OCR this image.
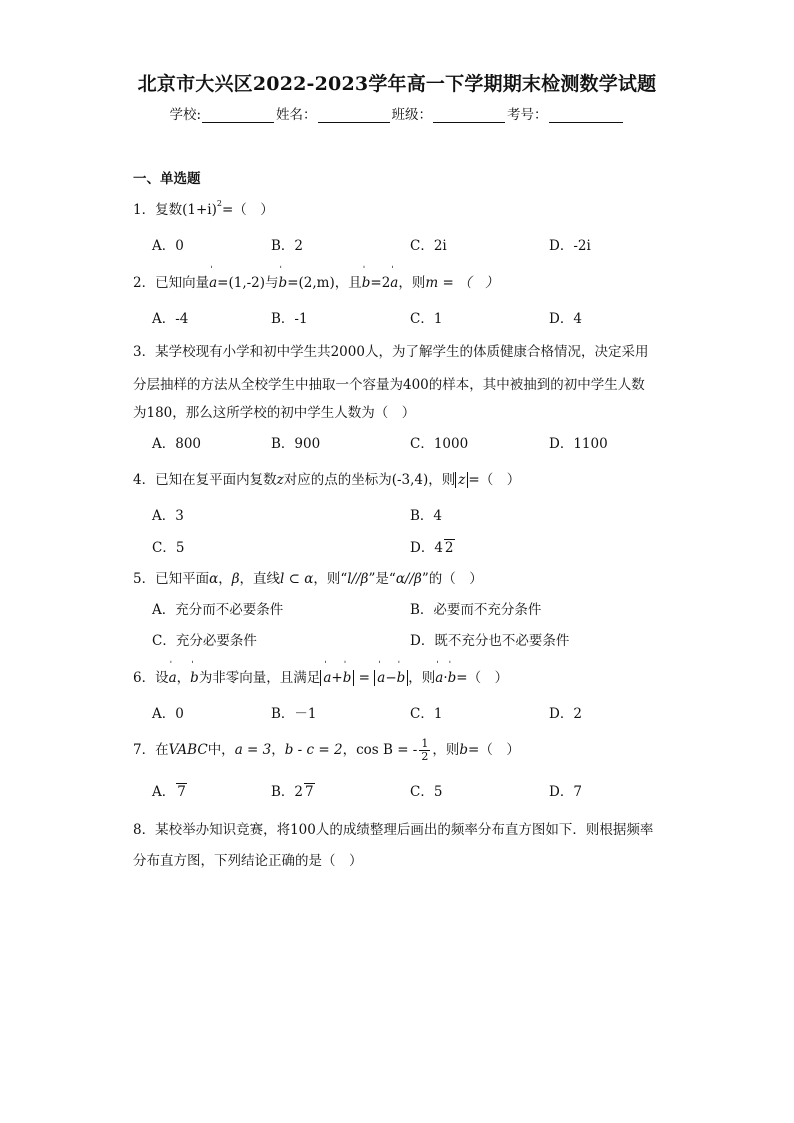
北京市大兴区2022-2023学年高一下学期期末检测数学试题
学校:	姓名：	班级：	考号：
一、单选题
1．复数$(1+i)^2=$（　）
A．0	B．2	C．2i	D．-2i
2．已知向量ˈ a=(1,-2)与ˈ b=(2,m)，且ˈ b=2ˈ a，则m = （　）
A．-4	B．-1	C．1	D．4
3．某学校现有小学和初中学生共2000人，为了解学生的体质健康合格情况，决定采用
分层抽样的方法从全校学生中抽取一个容量为400的样本，其中被抽到的初中学生人数
为180，那么这所学校的初中学生人数为（　）
A．800	B．900	C．1000	D．1100
4．已知在复平面内复数z对应的点的坐标为(-3,4)，则 z =（　）
A．3	B．4
C．5	D．4 2
5．已知平面α，β，直线l ⊂ α，则“l//β”是“α//β”的（　）
A．充分而不必要条件	B．必要而不充分条件
C．充分必要条件	D．既不充分也不必要条件
6．设ˈ a，ˈ b为非零向量，且满足ˈ a+ˈ b = ˈ a−ˈ b ，则ˈ a·ˈ b=（　）
A．0	B．－1	C．1	D．2
7．在VABC中，a = 3，b - c = 2，cos B = - $\frac{1}{2}$ ，则b=（　）
A． 7	B．2 7	C．5	D．7
8．某校举办知识竞赛，将100人的成绩整理后画出的频率分布直方图如下．则根据频率
分布直方图，下列结论正确的是（　）
